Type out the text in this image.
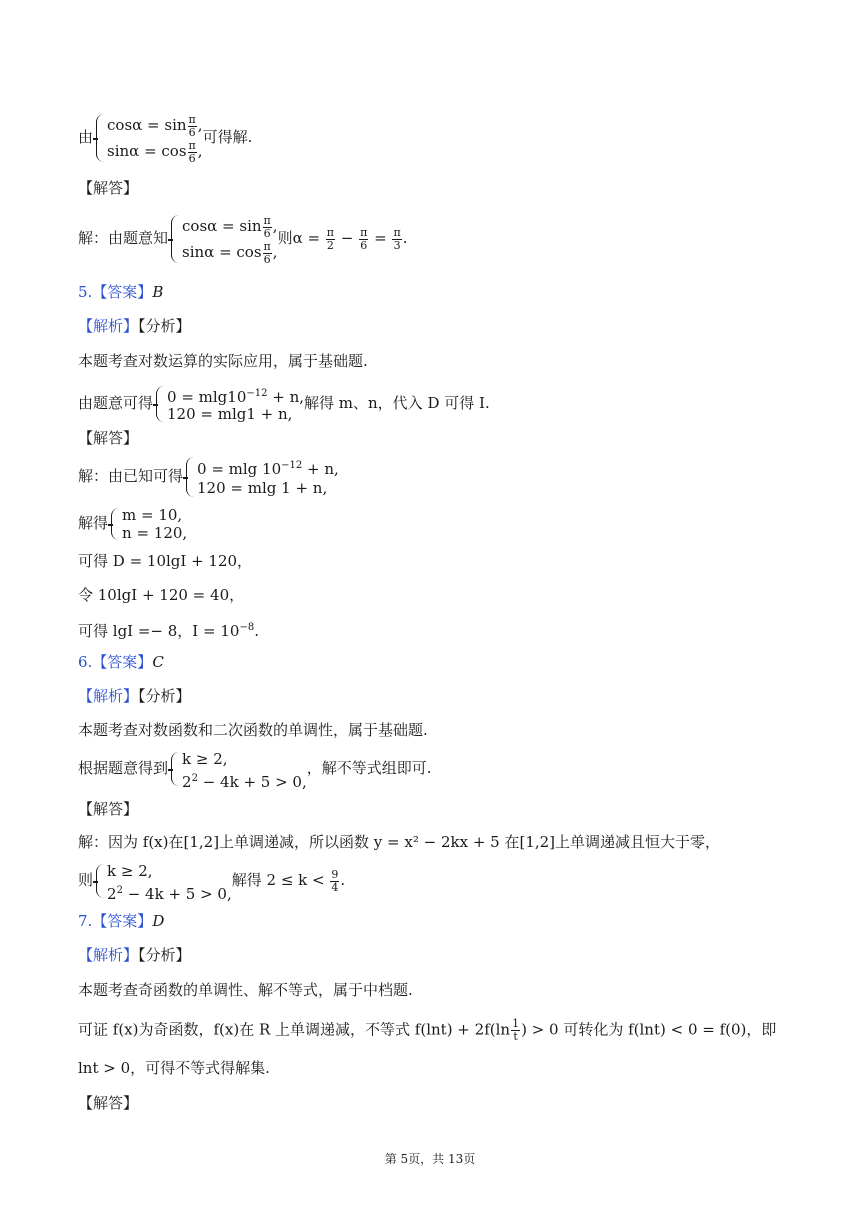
由
$\cos\alpha = \sin \frac{\pi}{6}$ ,
$\sin\alpha = \cos \frac{\pi}{6}$ ,
可得解.
【解答】
解：由题意知
$\cos\alpha = \sin \frac{\pi}{6}$ ,
$\sin\alpha = \cos \frac{\pi}{6}$ ,
则$\alpha = \frac{\pi}{2} - \frac{\pi}{6} = \frac{\pi}{3}$ .
5.【答案】B
【解析】【分析】
本题考查对数运算的实际应用，属于基础题.
由题意可得 $0 = mlg10^{-12} + n$,
120 = mlg1 + n,
解得 m、n，代入 D 可得 I.
【解答】
解：由已知可得 0 = mlg $10^{-12} + n$,
120 = mlg 1 + n,
解得 m = 10,
n = 120,
可得 D = 10lgI + 120，
令 10lgI + 120 = 40，
可得 lgI =− 8，$I = 10^{-8}$.
6.【答案】C
【解析】【分析】
本题考查对数函数和二次函数的单调性，属于基础题.
根据题意得到 k ≥ 2,
$2^2 - 4k + 5 > 0$,
，解不等式组即可.
【解答】
解：因为 f(x)在[1,2]上单调递减，所以函数 y = x² − 2kx + 5 在[1,2]上单调递减且恒大于零，
则 k ≥ 2,
$2^2 - 4k + 5 > 0$,
解得 $2 \le k < \frac{9}{4}$ .
7.【答案】D
【解析】【分析】
本题考查奇函数的单调性、解不等式，属于中档题.
可证 f(x)为奇函数，f(x)在 R 上单调递减，不等式 $f(\ln t) + 2f(\ln \frac{1}{t}$ ) > 0 可转化为 f(lnt) < 0 = f(0)，即
lnt > 0，可得不等式得解集.
【解答】
第 5页，共 13页
